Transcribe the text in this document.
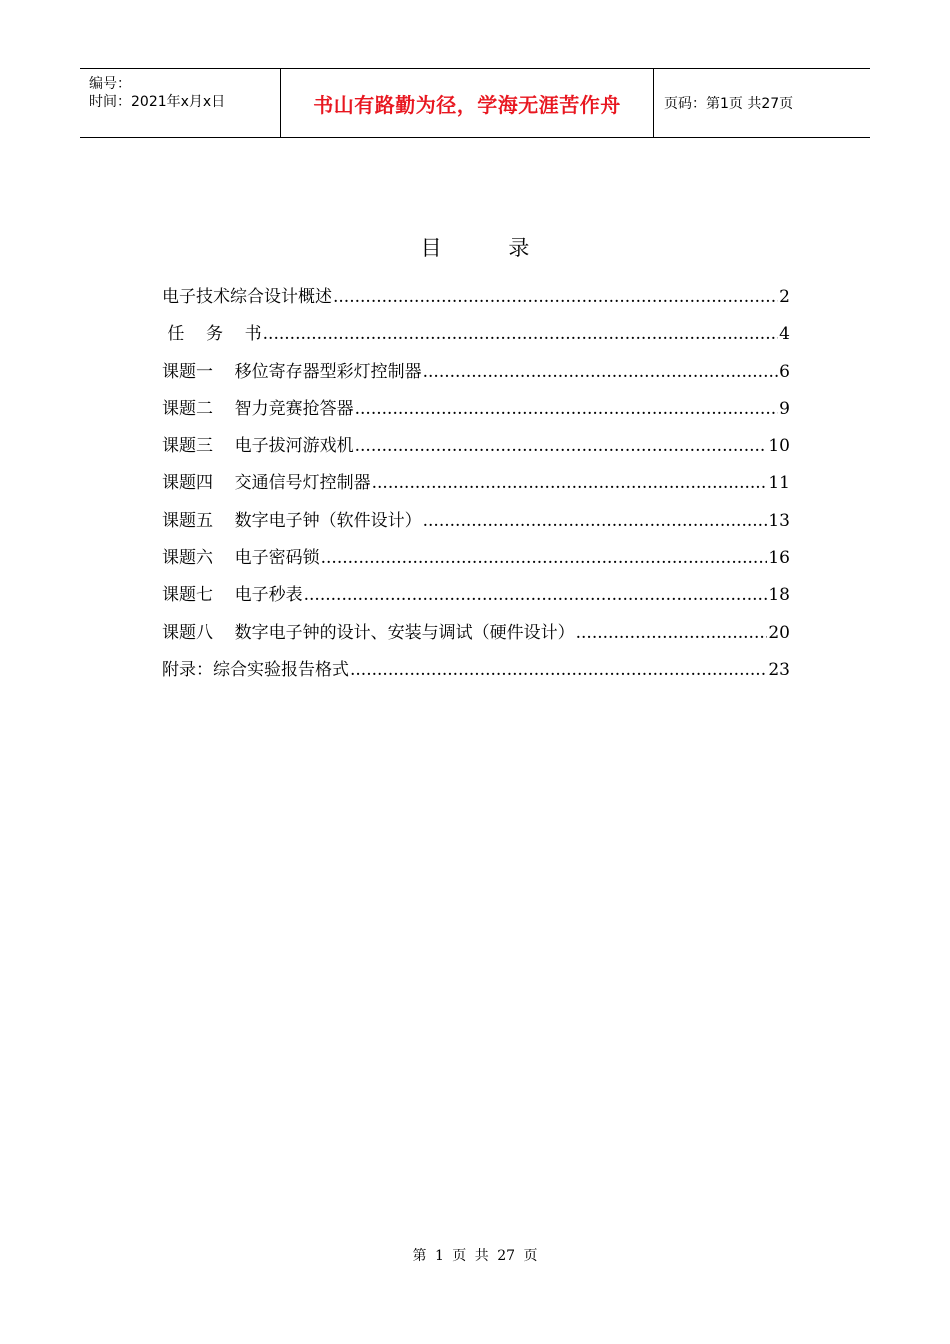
编号：
时间：2021年x月x日	书山有路勤为径，学海无涯苦作舟	页码：第1页 共27页
目 录
电子技术综合设计概述 .....	2
任    务    书 .....	4
课题一    移位寄存器型彩灯控制器 .....	6
课题二    智力竞赛抢答器 .....	9
课题三    电子拔河游戏机 .....	10
课题四    交通信号灯控制器 .....	11
课题五    数字电子钟（软件设计） .....	13
课题六    电子密码锁 .....	16
课题七    电子秒表 .....	18
课题八    数字电子钟的设计、安装与调试（硬件设计） .....	20
附录：综合实验报告格式 .....	23
第 1 页 共 27 页
